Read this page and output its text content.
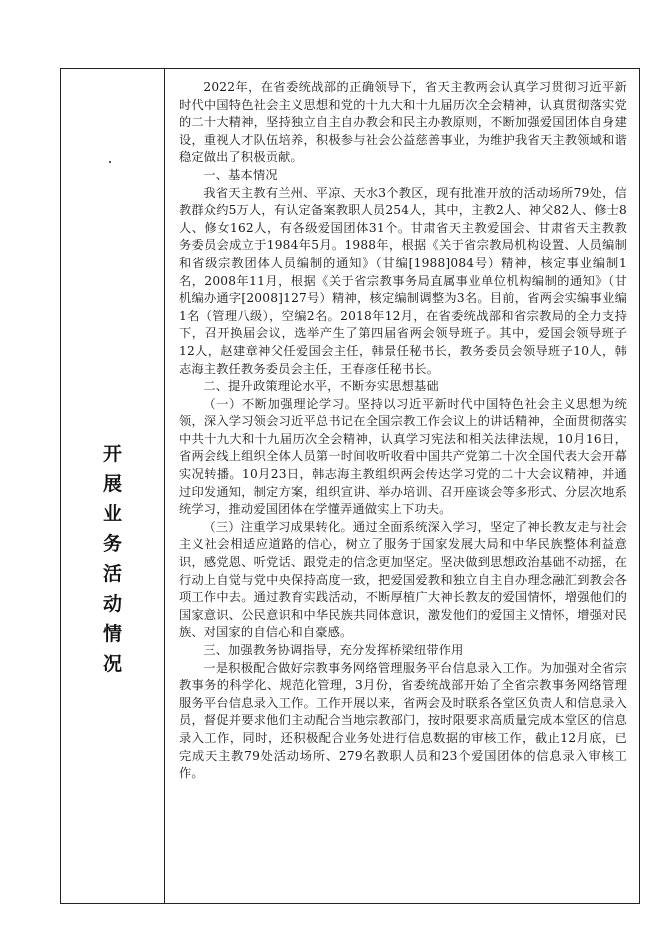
开
展
业
务
活
动
情
况

2022年，在省委统战部的正确领导下，省天主教两会认真学习贯彻习近平新时代中国特色社会主义思想和党的十九大和十九届历次全会精神，认真贯彻落实党的二十大精神，坚持独立自主自办教会和民主办教原则，不断加强爱国团体自身建设，重视人才队伍培养，积极参与社会公益慈善事业，为维护我省天主教领域和谐稳定做出了积极贡献。

一、基本情况

我省天主教有兰州、平凉、天水3个教区，现有批准开放的活动场所79处，信教群众约5万人，有认定备案教职人员254人，其中，主教2人、神父82人、修士8人、修女162人，有各级爱国团体31个。甘肃省天主教爱国会、甘肃省天主教教务委员会成立于1984年5月。1988年，根据《关于省宗教局机构设置、人员编制和省级宗教团体人员编制的通知》（甘编[1988]084号）精神，核定事业编制1名，2008年11月，根据《关于省宗教事务局直属事业单位机构编制的通知》（甘机编办通字[2008]127号）精神，核定编制调整为3名。目前，省两会实编事业编1名（管理八级），空编2名。2018年12月，在省委统战部和省宗教局的全力支持下，召开换届会议，选举产生了第四届省两会领导班子。其中，爱国会领导班子12人，赵建章神父任爱国会主任，韩景任秘书长，教务委员会领导班子10人，韩志海主教任教务委员会主任，王春彦任秘书长。

二、提升政策理论水平，不断夯实思想基础

（一）不断加强理论学习。坚持以习近平新时代中国特色社会主义思想为统领，深入学习领会习近平总书记在全国宗教工作会议上的讲话精神，全面贯彻落实中共十九大和十九届历次全会精神，认真学习宪法和相关法律法规，10月16日，省两会线上组织全体人员第一时间收听收看中国共产党第二十次全国代表大会开幕实况转播。10月23日，韩志海主教组织两会传达学习党的二十大会议精神，并通过印发通知，制定方案，组织宣讲、举办培训、召开座谈会等多形式、分层次地系统学习，推动爱国团体在学懂弄通做实上下功夫。

（三）注重学习成果转化。通过全面系统深入学习，坚定了神长教友走与社会主义社会相适应道路的信心，树立了服务于国家发展大局和中华民族整体利益意识，感党恩、听党话、跟党走的信念更加坚定。坚决做到思想政治基础不动摇，在行动上自觉与党中央保持高度一致，把爱国爱教和独立自主自办理念融汇到教会各项工作中去。通过教育实践活动，不断厚植广大神长教友的爱国情怀，增强他们的国家意识、公民意识和中华民族共同体意识，激发他们的爱国主义情怀，增强对民族、对国家的自信心和自豪感。

三、加强教务协调指导，充分发挥桥梁纽带作用

一是积极配合做好宗教事务网络管理服务平台信息录入工作。为加强对全省宗教事务的科学化、规范化管理，3月份，省委统战部开始了全省宗教事务网络管理服务平台信息录入工作。工作开展以来，省两会及时联系各堂区负责人和信息录入员，督促并要求他们主动配合当地宗教部门，按时限要求高质量完成本堂区的信息录入工作，同时，还积极配合业务处进行信息数据的审核工作，截止12月底，已完成天主教79处活动场所、279名教职人员和23个爱国团体的信息录入审核工作。
